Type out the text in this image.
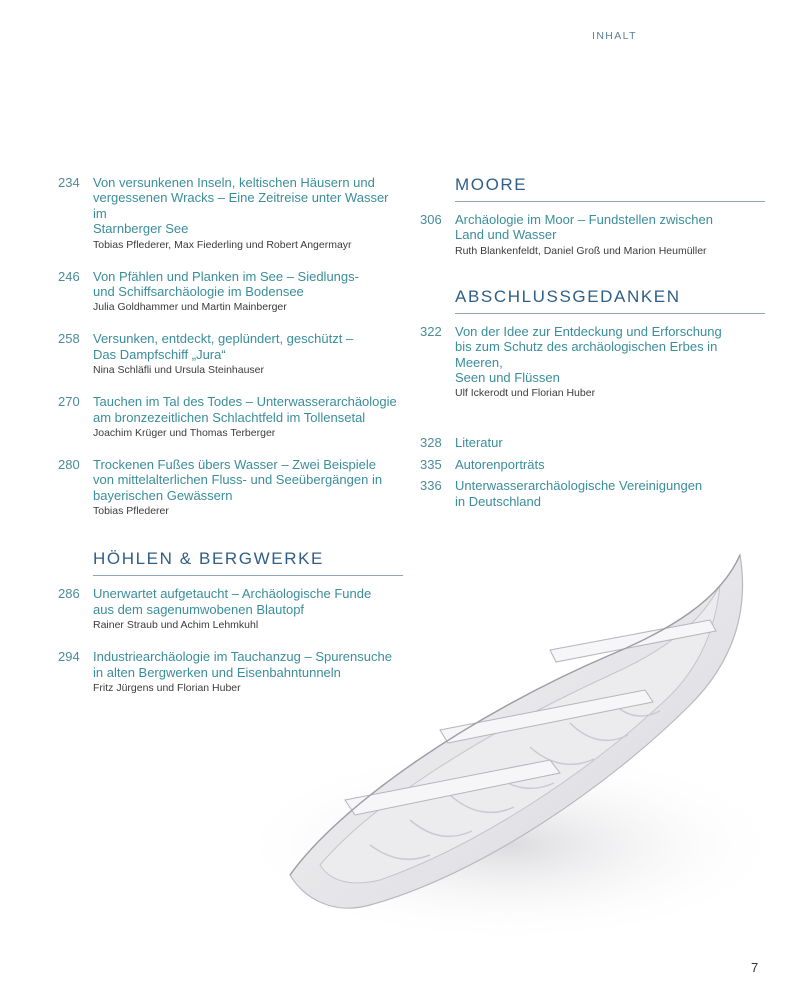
INHALT
234	Von versunkenen Inseln, keltischen Häusern und
vergessenen Wracks – Eine Zeitreise unter Wasser im
Starnberger See
Tobias Pflederer, Max Fiederling und Robert Angermayr
246	Von Pfählen und Planken im See – Siedlungs-
und Schiffsarchäologie im Bodensee
Julia Goldhammer und Martin Mainberger
258	Versunken, entdeckt, geplündert, geschützt –
Das Dampfschiff „Jura“
Nina Schläfli und Ursula Steinhauser
270	Tauchen im Tal des Todes – Unterwasserarchäologie
am bronzezeitlichen Schlachtfeld im Tollensetal
Joachim Krüger und Thomas Terberger
280	Trockenen Fußes übers Wasser – Zwei Beispiele
von mittelalterlichen Fluss- und Seeübergängen in
bayerischen Gewässern
Tobias Pflederer
HÖHLEN & BERGWERKE
286	Unerwartet aufgetaucht – Archäologische Funde
aus dem sagenumwobenen Blautopf
Rainer Straub und Achim Lehmkuhl
294	Industriearchäologie im Tauchanzug – Spurensuche
in alten Bergwerken und Eisenbahntunneln
Fritz Jürgens und Florian Huber
MOORE
306	Archäologie im Moor – Fundstellen zwischen
Land und Wasser
Ruth Blankenfeldt, Daniel Groß und Marion Heumüller
ABSCHLUSSGEDANKEN
322	Von der Idee zur Entdeckung und Erforschung
bis zum Schutz des archäologischen Erbes in Meeren,
Seen und Flüssen
Ulf Ickerodt und Florian Huber
328	Literatur
335	Autorenporträts
336	Unterwasserarchäologische Vereinigungen
in Deutschland
7
